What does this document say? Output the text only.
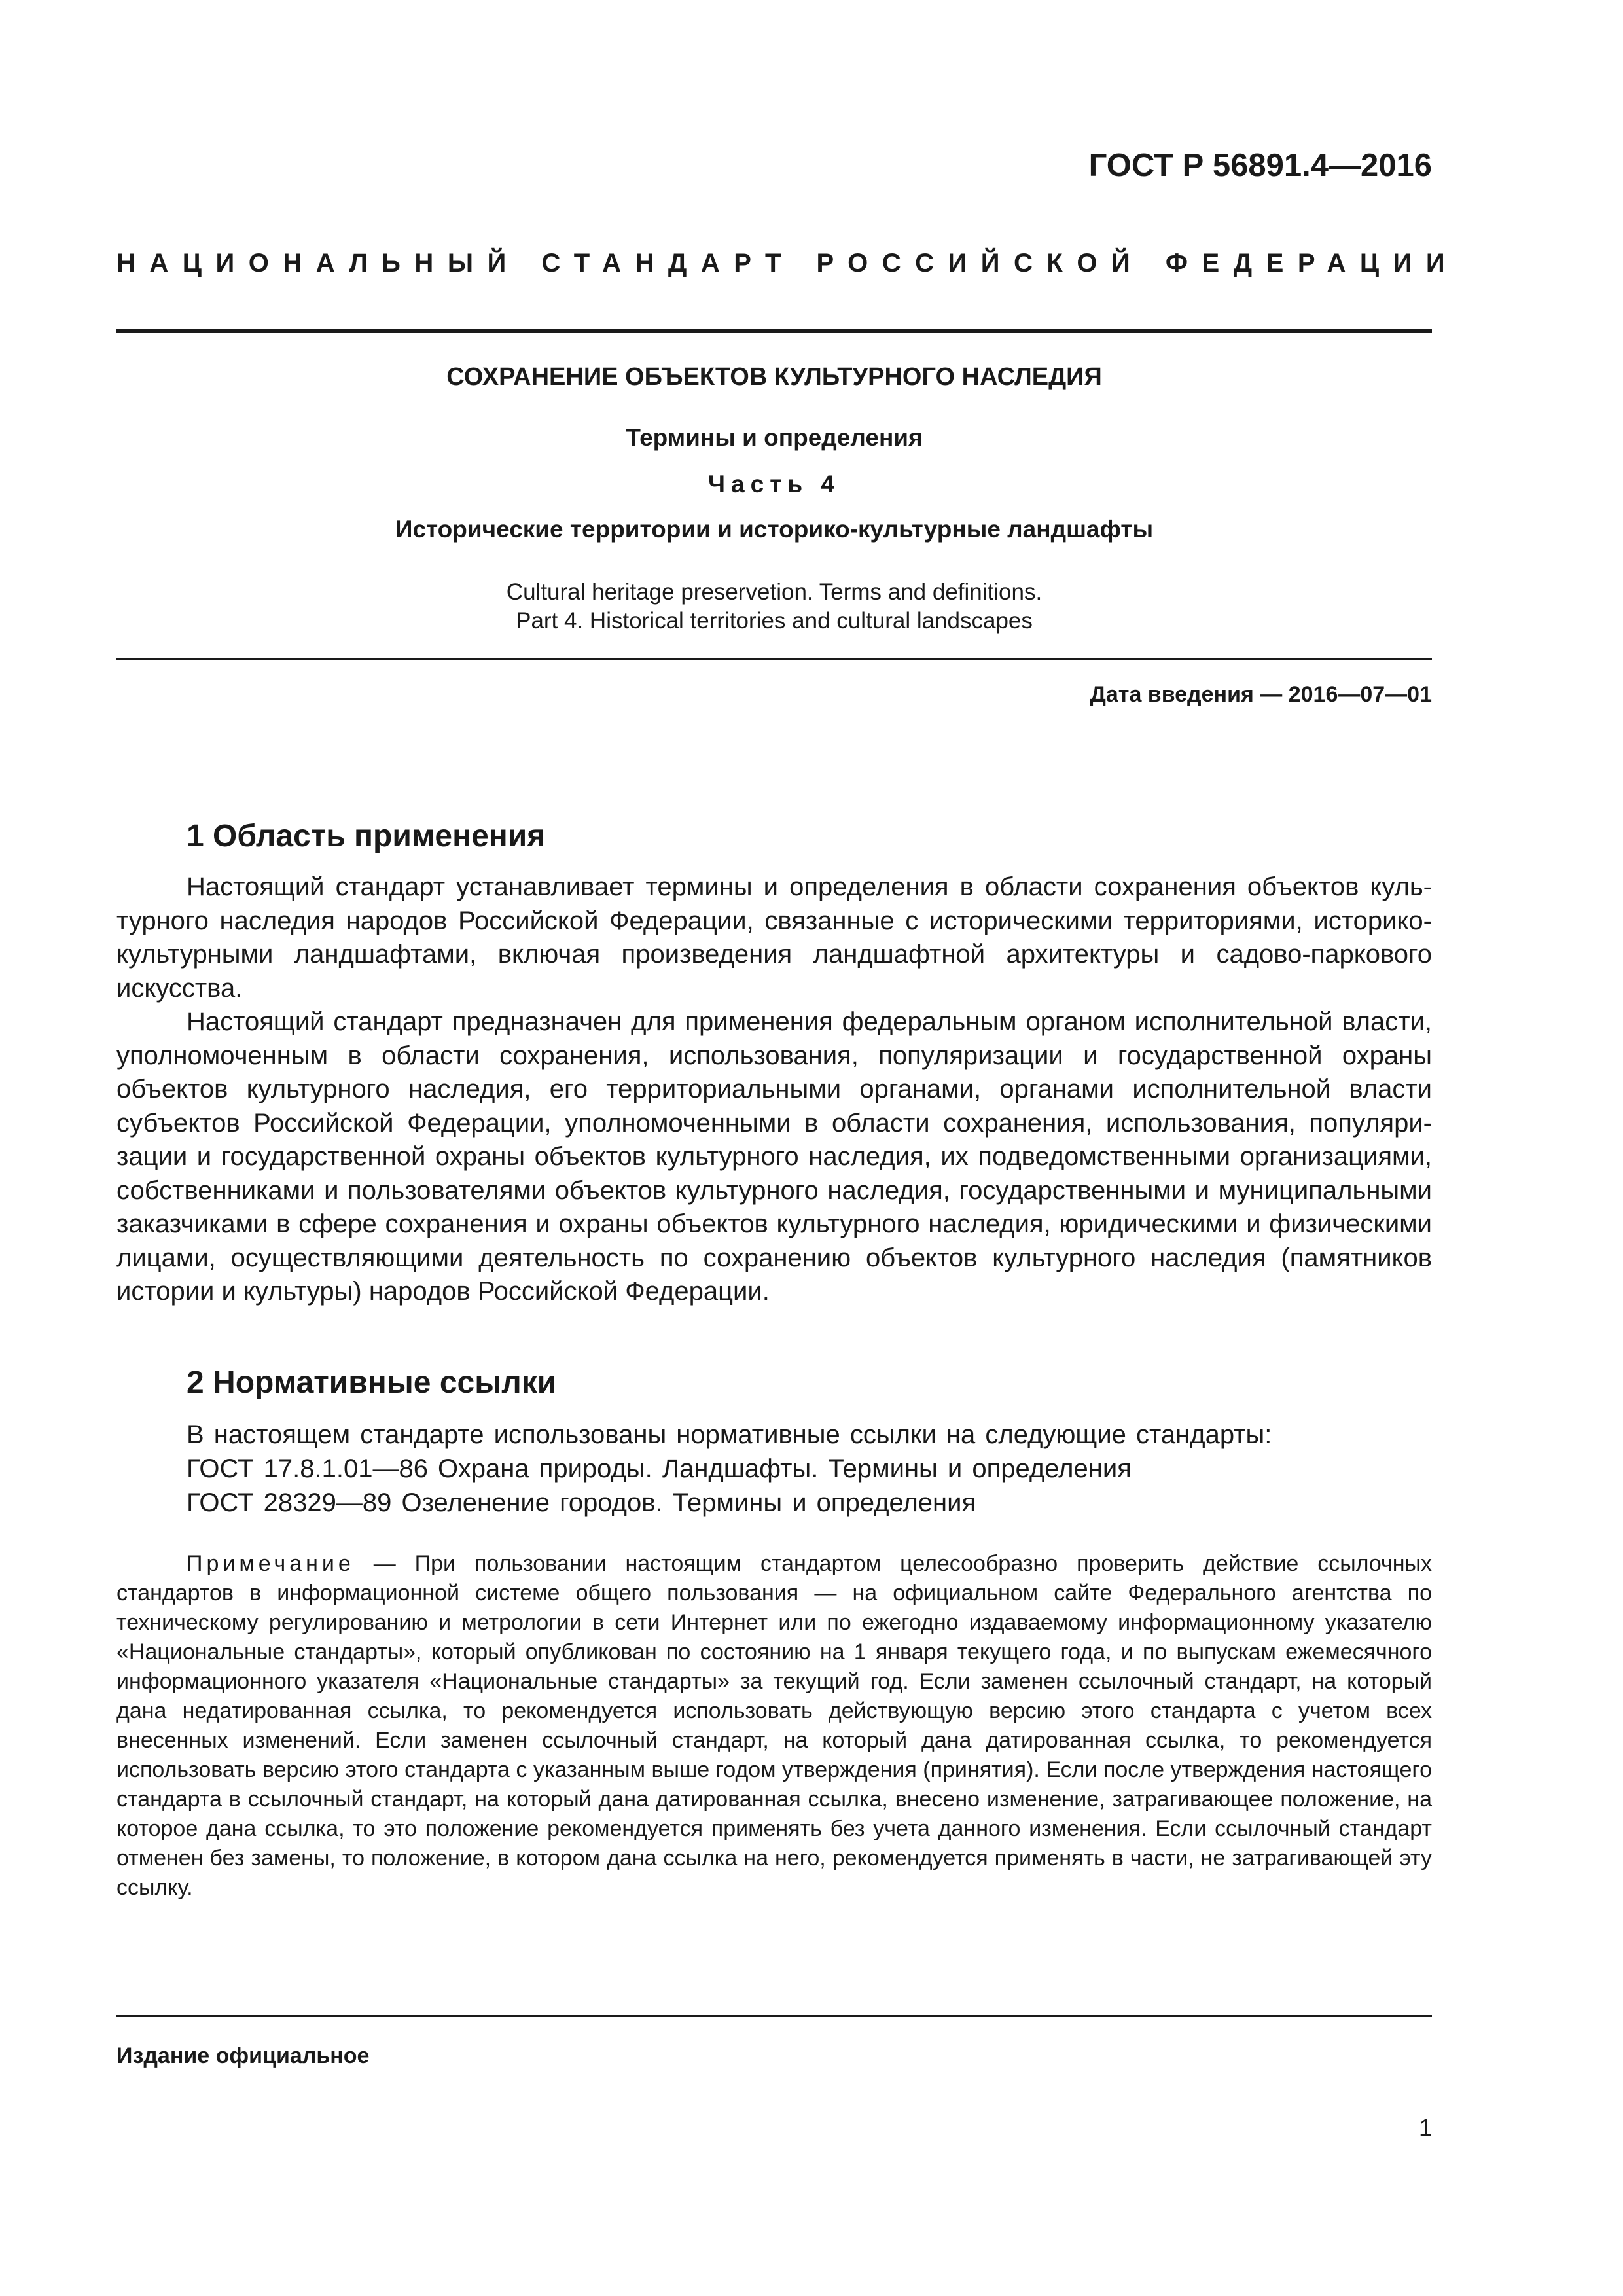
ГОСТ Р 56891.4—2016
НАЦИОНАЛЬНЫЙ СТАНДАРТ РОССИЙСКОЙ ФЕДЕРАЦИИ
СОХРАНЕНИЕ ОБЪЕКТОВ КУЛЬТУРНОГО НАСЛЕДИЯ
Термины и определения
Часть 4
Исторические территории и историко-культурные ландшафты
Cultural heritage preservetion. Terms and definitions.
Part 4. Historical territories and cultural landscapes
Дата введения — 2016—07—01
1 Область применения

Настоящий стандарт устанавливает термины и определения в области сохранения объектов культурного наследия народов Российской Федерации, связанные с историческими территориями, историко-культурными ландшафтами, включая произведения ландшафтной архитектуры и садово-паркового искусства.

Настоящий стандарт предназначен для применения федеральным органом исполнительной власти, уполномоченным в области сохранения, использования, популяризации и государственной охраны объектов культурного наследия, его территориальными органами, органами исполнительной власти субъектов Российской Федерации, уполномоченными в области сохранения, использования, популяризации и государственной охраны объектов культурного наследия, их подведомственными организациями, собственниками и пользователями объектов культурного наследия, государственными и муниципальными заказчиками в сфере сохранения и охраны объектов культурного наследия, юридическими и физическими лицами, осуществляющими деятельность по сохранению объектов культурного наследия (памятников истории и культуры) народов Российской Федерации.

2 Нормативные ссылки
В настоящем стандарте использованы нормативные ссылки на следующие стандарты:
ГОСТ 17.8.1.01—86 Охрана природы. Ландшафты. Термины и определения
ГОСТ 28329—89 Озеленение городов. Термины и определения

Примечание — При пользовании настоящим стандартом целесообразно проверить действие ссылочных стандартов в информационной системе общего пользования — на официальном сайте Федерального агентства по техническому регулированию и метрологии в сети Интернет или по ежегодно издаваемому информационному указателю «Национальные стандарты», который опубликован по состоянию на 1 января текущего года, и по выпускам ежемесячного информационного указателя «Национальные стандарты» за текущий год. Если заменен ссылочный стандарт, на который дана недатированная ссылка, то рекомендуется использовать действующую версию этого стандарта с учетом всех внесенных изменений. Если заменен ссылочный стандарт, на который дана датированная ссылка, то рекомендуется использовать версию этого стандарта с указанным выше годом утверждения (принятия). Если после утверждения настоящего стандарта в ссылочный стандарт, на который дана датированная ссылка, внесено изменение, затрагивающее положение, на которое дана ссылка, то это положение рекомендуется применять без учета данного изменения. Если ссылочный стандарт отменен без замены, то положение, в котором дана ссылка на него, рекомендуется применять в части, не затрагивающей эту ссылку.

Издание официальное
1
